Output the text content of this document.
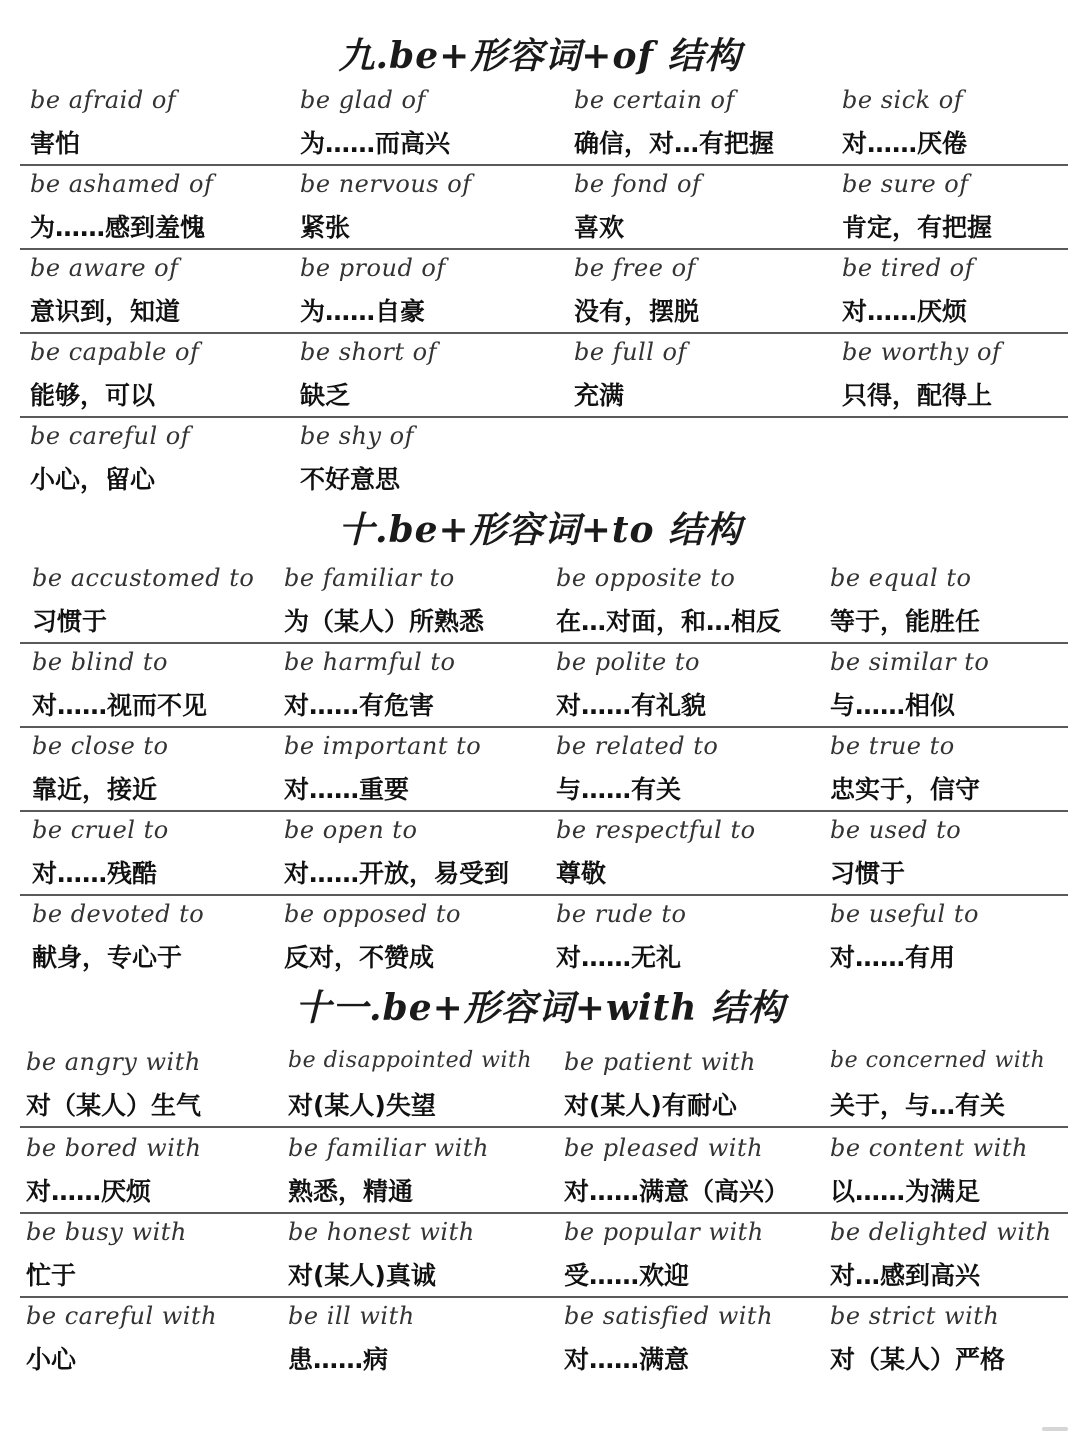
九.be+形容词+of 结构
be afraid of
害怕
be glad of
为……而高兴
be certain of
确信，对…有把握
be sick of
对……厌倦
be ashamed of
为……感到羞愧
be nervous of
紧张
be fond of
喜欢
be sure of
肯定，有把握
be aware of
意识到，知道
be proud of
为……自豪
be free of
没有，摆脱
be tired of
对……厌烦
be capable of
能够，可以
be short of
缺乏
be full of
充满
be worthy of
只得，配得上
be careful of
小心，留心
be shy of
不好意思
十.be+形容词+to 结构
be accustomed to
习惯于
be familiar to
为（某人）所熟悉
be opposite to
在…对面，和…相反
be equal to
等于，能胜任
be blind to
对……视而不见
be harmful to
对……有危害
be polite to
对……有礼貌
be similar to
与……相似
be close to
靠近，接近
be important to
对……重要
be related to
与……有关
be true to
忠实于，信守
be cruel to
对……残酷
be open to
对……开放，易受到
be respectful to
尊敬
be used to
习惯于
be devoted to
献身，专心于
be opposed to
反对，不赞成
be rude to
对……无礼
be useful to
对……有用
十一.be+形容词+with 结构
be angry with
对（某人）生气
be disappointed with
对(某人)失望
be patient with
对(某人)有耐心
be concerned with
关于，与…有关
be bored with
对……厌烦
be familiar with
熟悉，精通
be pleased with
对……满意（高兴）
be content with
以……为满足
be busy with
忙于
be honest with
对(某人)真诚
be popular with
受……欢迎
be delighted with
对…感到高兴
be careful with
小心
be ill with
患……病
be satisfied with
对……满意
be strict with
对（某人）严格
